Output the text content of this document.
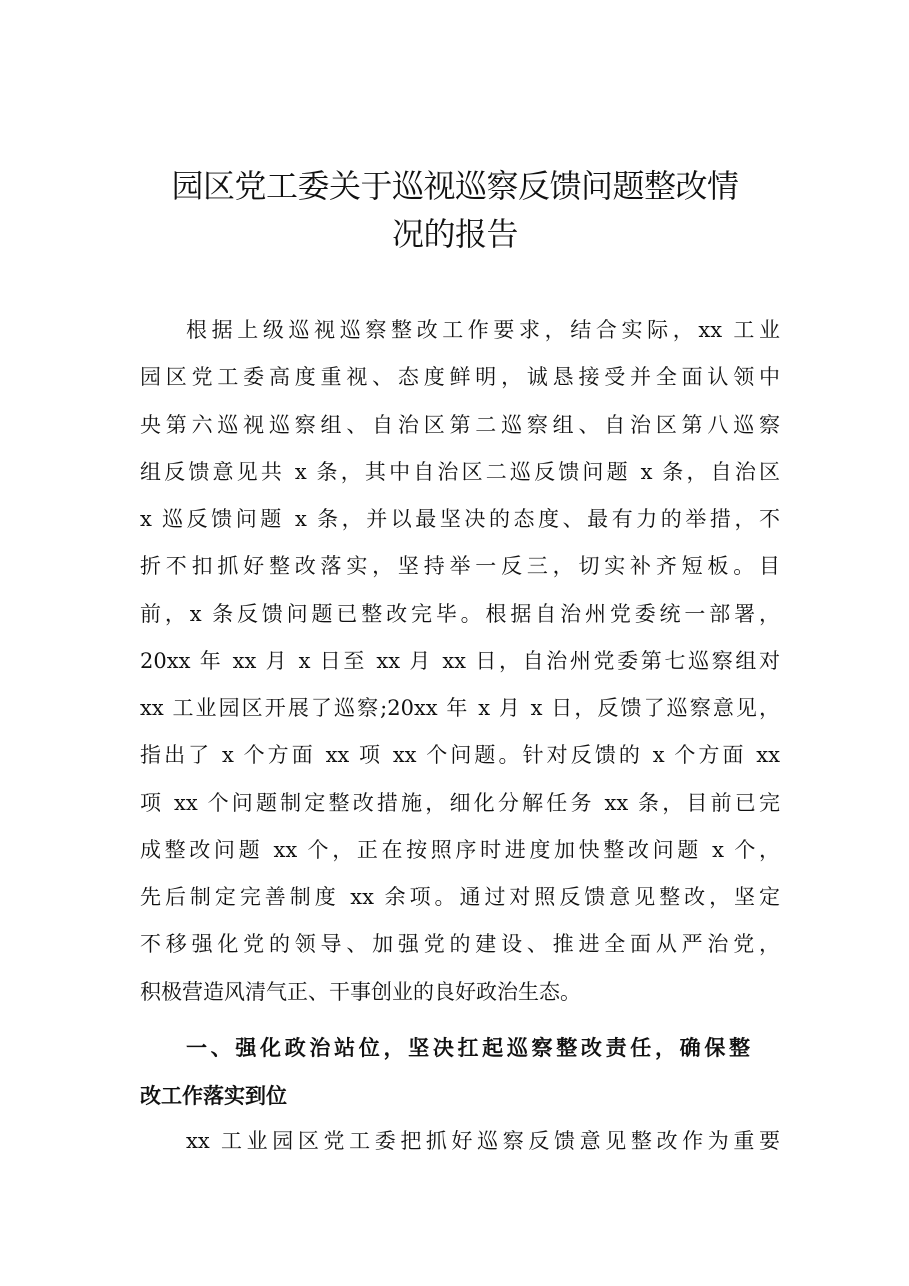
园区党工委关于巡视巡察反馈问题整改情
况的报告
根据上级巡视巡察整改工作要求，结合实际，xx 工业
园区党工委高度重视、态度鲜明，诚恳接受并全面认领中
央第六巡视巡察组、自治区第二巡察组、自治区第八巡察
组反馈意见共 x 条，其中自治区二巡反馈问题 x 条，自治区
x 巡反馈问题 x 条，并以最坚决的态度、最有力的举措，不
折不扣抓好整改落实，坚持举一反三，切实补齐短板。目
前，x 条反馈问题已整改完毕。根据自治州党委统一部署，
20xx 年 xx 月 x 日至 xx 月 xx 日，自治州党委第七巡察组对
xx 工业园区开展了巡察;20xx 年 x 月 x 日，反馈了巡察意见，
指出了 x 个方面 xx 项 xx 个问题。针对反馈的 x 个方面 xx
项 xx 个问题制定整改措施，细化分解任务 xx 条，目前已完
成整改问题 xx 个，正在按照序时进度加快整改问题 x 个，
先后制定完善制度 xx 余项。通过对照反馈意见整改，坚定
不移强化党的领导、加强党的建设、推进全面从严治党，
积极营造风清气正、干事创业的良好政治生态。
一、强化政治站位，坚决扛起巡察整改责任，确保整
改工作落实到位
xx 工业园区党工委把抓好巡察反馈意见整改作为重要
